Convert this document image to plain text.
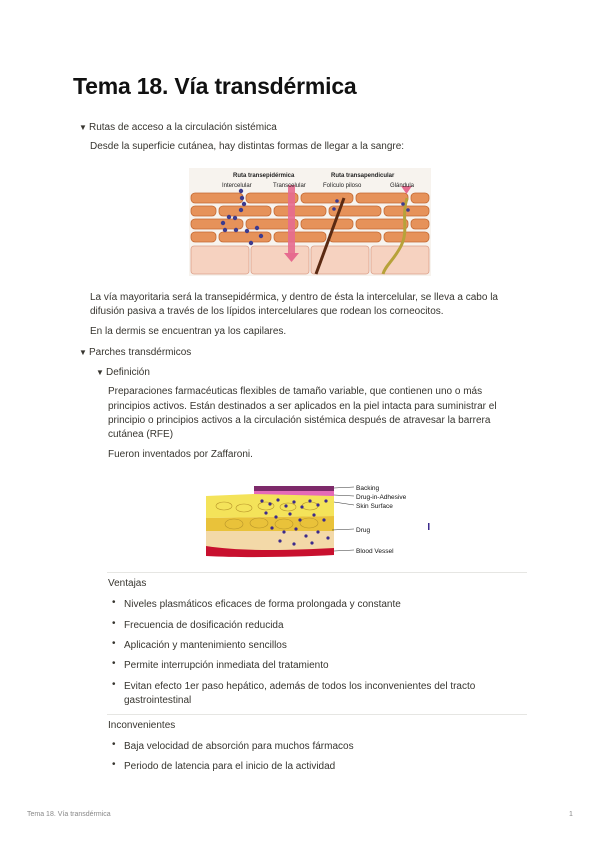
Tema 18. Vía transdérmica
▼ Rutas de acceso a la circulación sistémica

Desde la superficie cutánea, hay distintas formas de llegar a la sangre:

Ruta transepidérmica
Intercelular	Transcelular
Ruta transapendicular
Folículo piloso	Glándula

La vía mayoritaria será la transepidérmica, y dentro de ésta la intercelular, se lleva a cabo la

difusión pasiva a través de los lípidos intercelulares que rodean los corneocitos.

En la dermis se encuentran ya los capilares.

▼ Parches transdérmicos
▼ Definición

Preparaciones farmacéuticas flexibles de tamaño variable, que contienen uno o más

principios activos. Están destinados a ser aplicados en la piel intacta para suministrar el

principio o principios activos a la circulación sistémica después de atravesar la barrera

cutánea (RFE)

Fueron inventados por Zaffaroni.

Backing
Drug-in-Adhesive
Skin Surface
Drug
Blood Vessel

Ventajas

• Niveles plasmáticos eficaces de forma prolongada y constante

• Frecuencia de dosificación reducida

• Aplicación y mantenimiento sencillos

• Permite interrupción inmediata del tratamiento

• Evitan efecto 1er paso hepático, además de todos los inconvenientes del tracto

gastrointestinal

Inconvenientes

• Baja velocidad de absorción para muchos fármacos

• Periodo de latencia para el inicio de la actividad

Tema 18. Vía transdérmica	1
